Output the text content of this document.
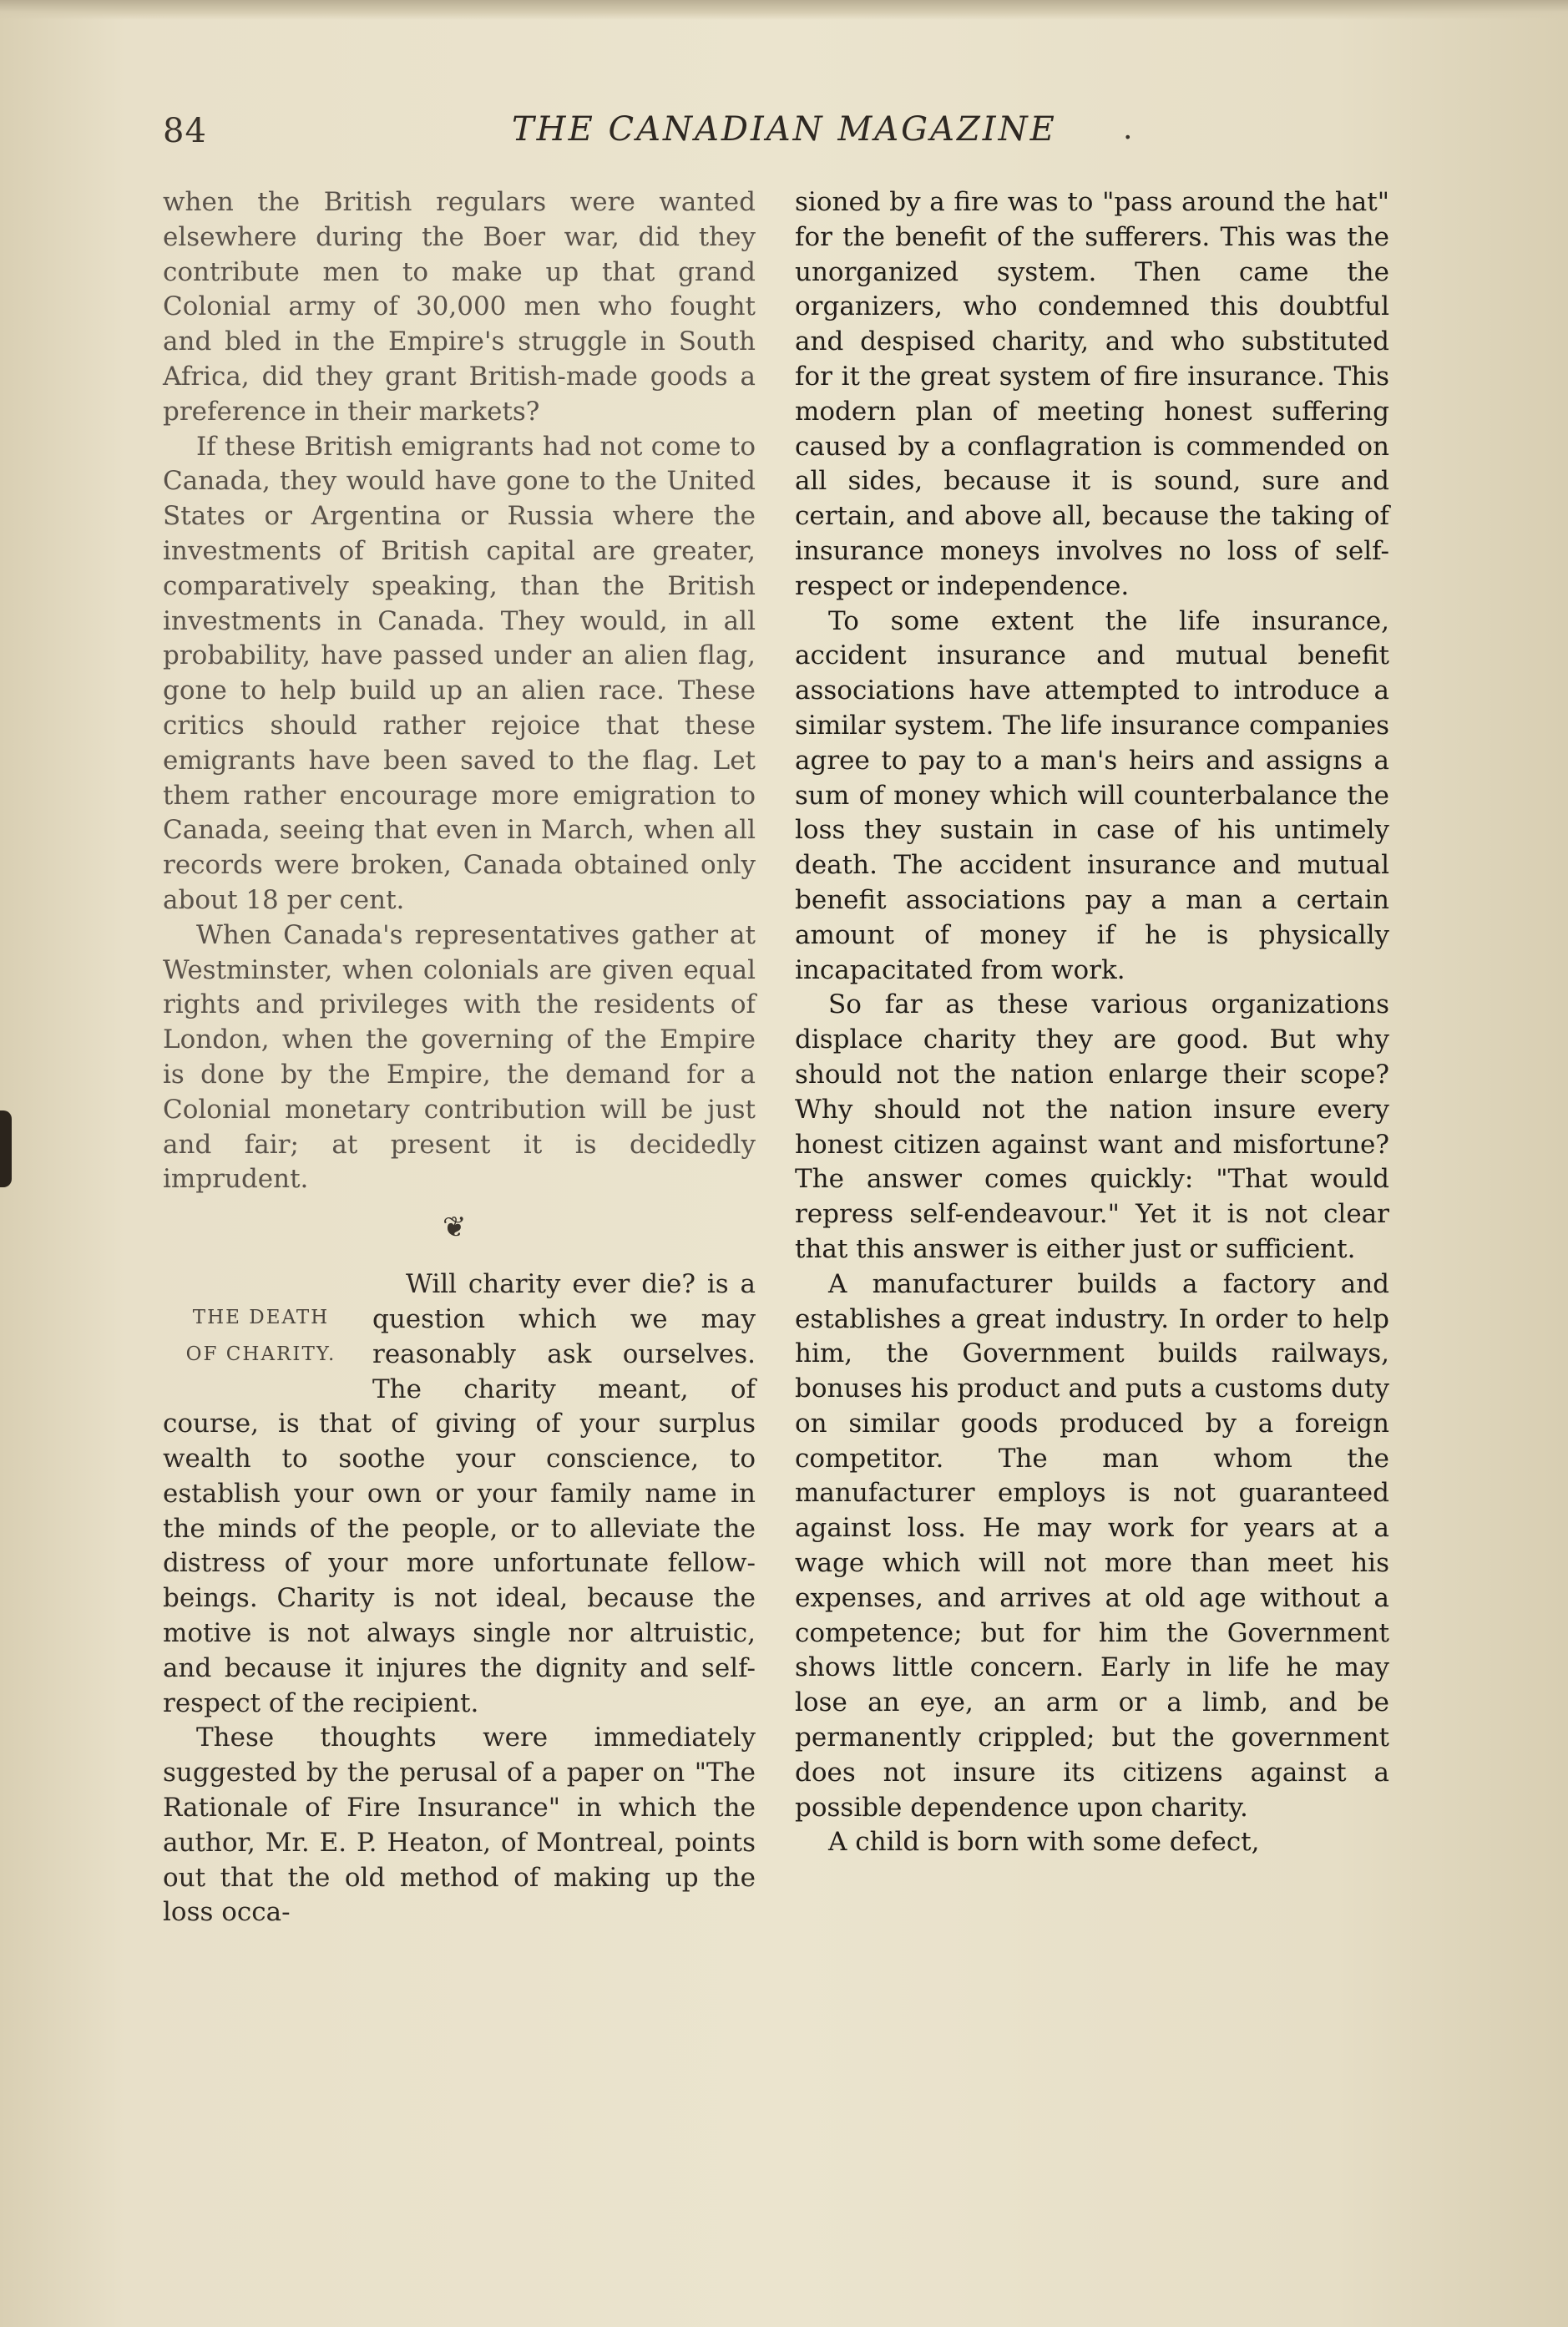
84	THE CANADIAN MAGAZINE .

when the British regulars were wanted elsewhere during the Boer war, did they contribute men to make up that grand Colonial army of 30,000 men who fought and bled in the Empire's struggle in South Africa, did they grant British-made goods a preference in their markets?

If these British emigrants had not come to Canada, they would have gone to the United States or Argentina or Russia where the investments of British capital are greater, comparatively speaking, than the British investments in Canada. They would, in all probability, have passed under an alien flag, gone to help build up an alien race. These critics should rather rejoice that these emigrants have been saved to the flag. Let them rather encourage more emigration to Canada, seeing that even in March, when all records were broken, Canada obtained only about 18 per cent.

When Canada's representatives gather at Westminster, when colonials are given equal rights and privileges with the residents of London, when the governing of the Empire is done by the Empire, the demand for a Colonial monetary contribution will be just and fair; at present it is decidedly imprudent.

❦
THE DEATH
OF CHARITY.

Will charity ever die? is a question which we may reasonably ask ourselves. The charity meant, of course, is that of giving of your surplus wealth to soothe your conscience, to establish your own or your family name in the minds of the people, or to alleviate the distress of your more unfortunate fellow-beings. Charity is not ideal, because the motive is not always single nor altruistic, and because it injures the dignity and self-respect of the recipient.

These thoughts were immediately suggested by the perusal of a paper on "The Rationale of Fire Insurance" in which the author, Mr. E. P. Heaton, of Montreal, points out that the old method of making up the loss occa-

sioned by a fire was to "pass around the hat" for the benefit of the sufferers. This was the unorganized system. Then came the organizers, who condemned this doubtful and despised charity, and who substituted for it the great system of fire insurance. This modern plan of meeting honest suffering caused by a conflagration is commended on all sides, because it is sound, sure and certain, and above all, because the taking of insurance moneys involves no loss of self-respect or independence.

To some extent the life insurance, accident insurance and mutual benefit associations have attempted to introduce a similar system. The life insurance companies agree to pay to a man's heirs and assigns a sum of money which will counterbalance the loss they sustain in case of his untimely death. The accident insurance and mutual benefit associations pay a man a certain amount of money if he is physically incapacitated from work.

So far as these various organizations displace charity they are good. But why should not the nation enlarge their scope? Why should not the nation insure every honest citizen against want and misfortune? The answer comes quickly: "That would repress self-endeavour." Yet it is not clear that this answer is either just or sufficient.

A manufacturer builds a factory and establishes a great industry. In order to help him, the Government builds railways, bonuses his product and puts a customs duty on similar goods produced by a foreign competitor. The man whom the manufacturer employs is not guaranteed against loss. He may work for years at a wage which will not more than meet his expenses, and arrives at old age without a competence; but for him the Government shows little concern. Early in life he may lose an eye, an arm or a limb, and be permanently crippled; but the government does not insure its citizens against a possible dependence upon charity.

A child is born with some defect,
